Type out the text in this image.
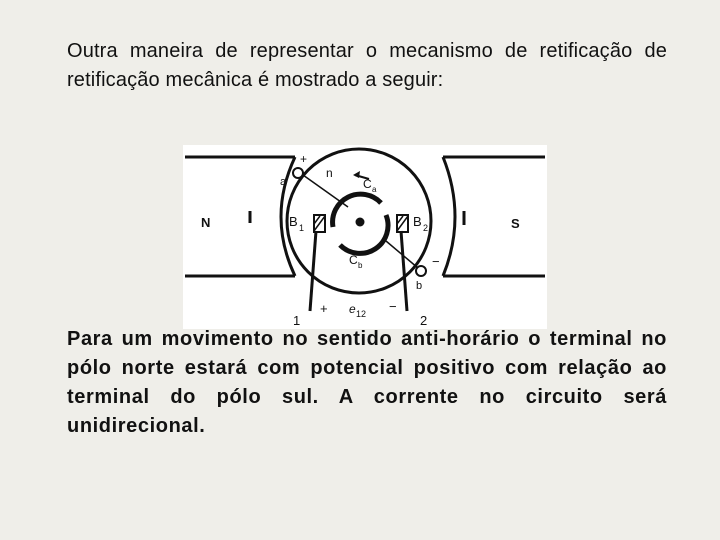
Outra maneira de representar o mecanismo de retificação de retificação mecânica é mostrado a seguir:

N	S
+
a
n
C a
C b
B 1	B 2
−
b
+ e 12 −
1	2

Para um movimento no sentido anti-horário o terminal no pólo norte estará com potencial positivo com relação ao terminal do pólo sul. A corrente no circuito será unidirecional.
